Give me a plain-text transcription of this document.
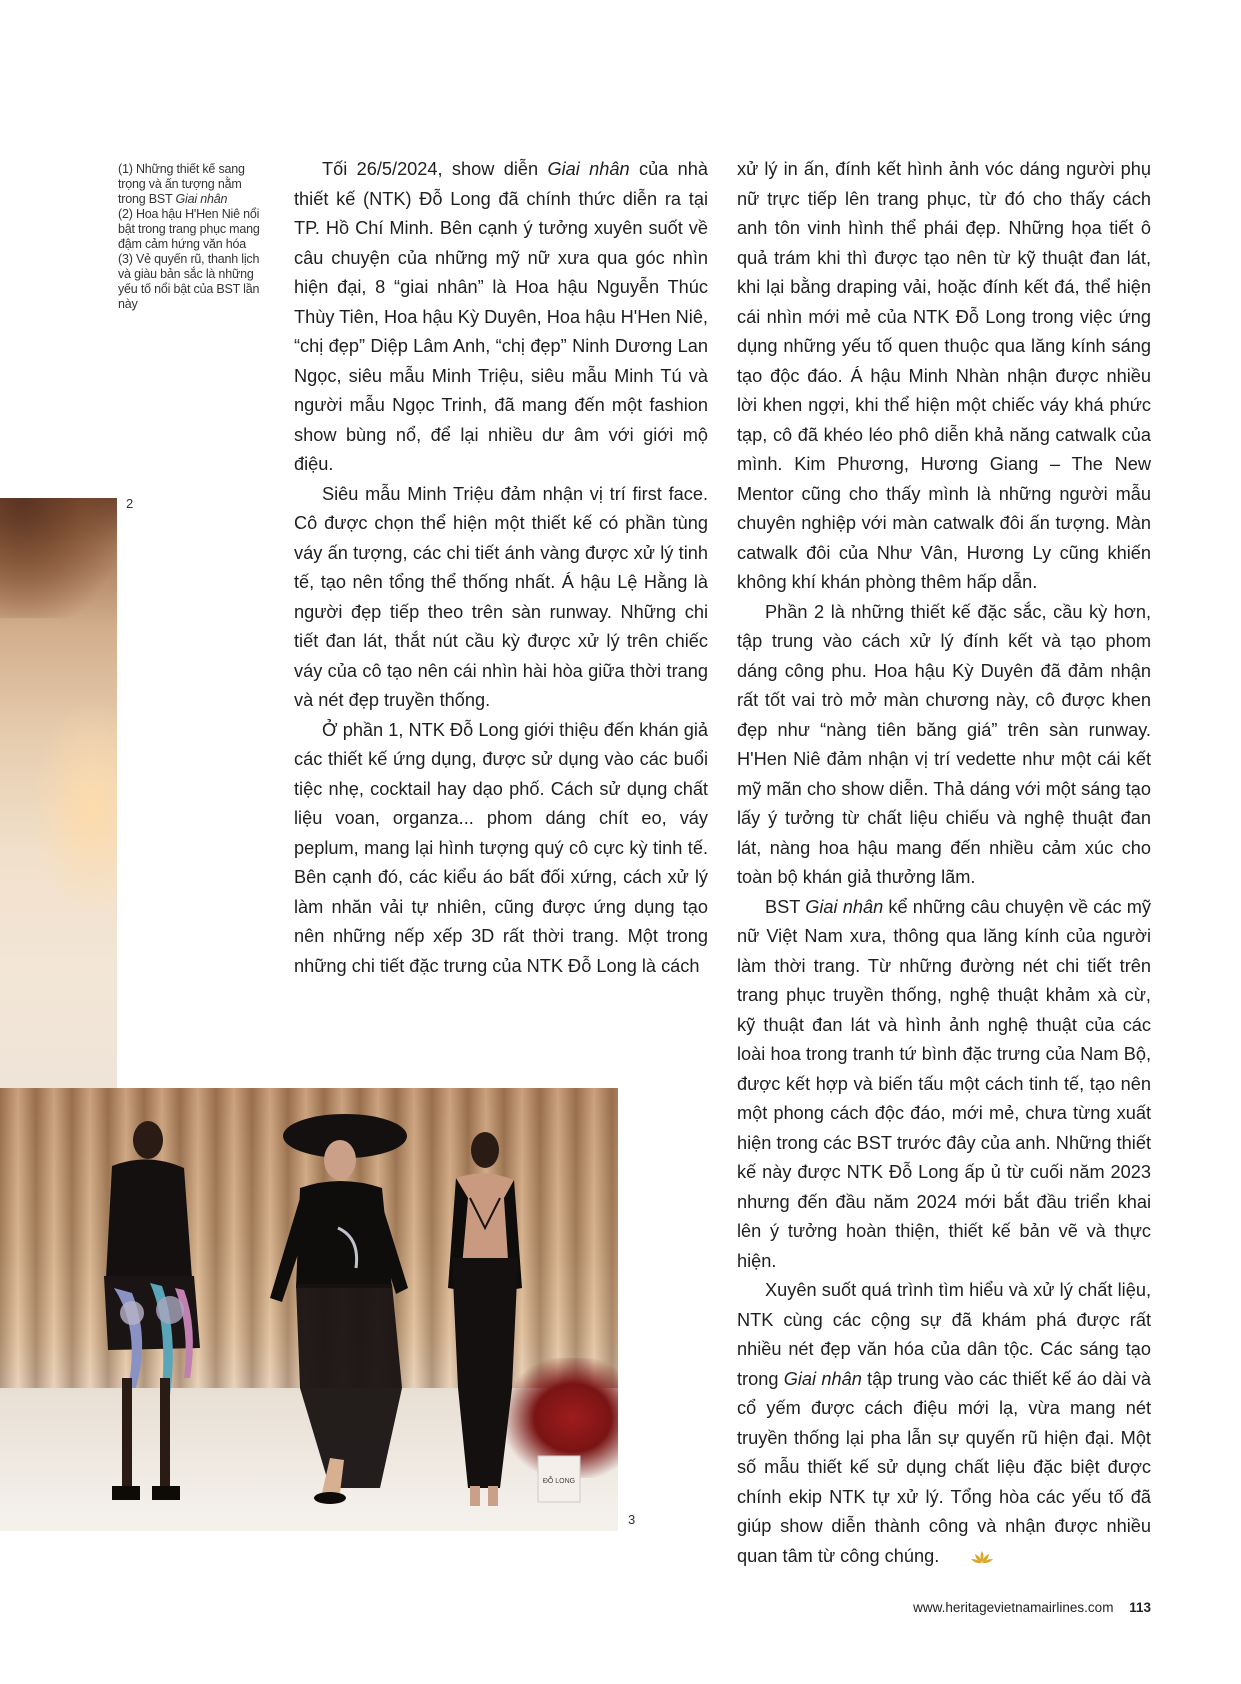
(1) Những thiết kế sang trọng và ấn tượng nằm trong BST Giai nhân

(2) Hoa hậu H'Hen Niê nổi bật trong trang phục mang đậm cảm hứng văn hóa

(3) Vẻ quyến rũ, thanh lịch và giàu bản sắc là những yếu tố nổi bật của BST lần này

2
ĐỖ LONG
3

Tối 26/5/2024, show diễn Giai nhân của nhà thiết kế (NTK) Đỗ Long đã chính thức diễn ra tại TP. Hồ Chí Minh. Bên cạnh ý tưởng xuyên suốt về câu chuyện của những mỹ nữ xưa qua góc nhìn hiện đại, 8 “giai nhân” là Hoa hậu Nguyễn Thúc Thùy Tiên, Hoa hậu Kỳ Duyên, Hoa hậu H'Hen Niê, “chị đẹp” Diệp Lâm Anh, “chị đẹp” Ninh Dương Lan Ngọc, siêu mẫu Minh Triệu, siêu mẫu Minh Tú và người mẫu Ngọc Trinh, đã mang đến một fashion show bùng nổ, để lại nhiều dư âm với giới mộ điệu.

Siêu mẫu Minh Triệu đảm nhận vị trí first face. Cô được chọn thể hiện một thiết kế có phần tùng váy ấn tượng, các chi tiết ánh vàng được xử lý tinh tế, tạo nên tổng thể thống nhất. Á hậu Lệ Hằng là người đẹp tiếp theo trên sàn runway. Những chi tiết đan lát, thắt nút cầu kỳ được xử lý trên chiếc váy của cô tạo nên cái nhìn hài hòa giữa thời trang và nét đẹp truyền thống.

Ở phần 1, NTK Đỗ Long giới thiệu đến khán giả các thiết kế ứng dụng, được sử dụng vào các buổi tiệc nhẹ, cocktail hay dạo phố. Cách sử dụng chất liệu voan, organza... phom dáng chít eo, váy peplum, mang lại hình tượng quý cô cực kỳ tinh tế. Bên cạnh đó, các kiểu áo bất đối xứng, cách xử lý làm nhăn vải tự nhiên, cũng được ứng dụng tạo nên những nếp xếp 3D rất thời trang. Một trong những chi tiết đặc trưng của NTK Đỗ Long là cách

xử lý in ấn, đính kết hình ảnh vóc dáng người phụ nữ trực tiếp lên trang phục, từ đó cho thấy cách anh tôn vinh hình thể phái đẹp. Những họa tiết ô quả trám khi thì được tạo nên từ kỹ thuật đan lát, khi lại bằng draping vải, hoặc đính kết đá, thể hiện cái nhìn mới mẻ của NTK Đỗ Long trong việc ứng dụng những yếu tố quen thuộc qua lăng kính sáng tạo độc đáo. Á hậu Minh Nhàn nhận được nhiều lời khen ngợi, khi thể hiện một chiếc váy khá phức tạp, cô đã khéo léo phô diễn khả năng catwalk của mình. Kim Phương, Hương Giang – The New Mentor cũng cho thấy mình là những người mẫu chuyên nghiệp với màn catwalk đôi ấn tượng. Màn catwalk đôi của Như Vân, Hương Ly cũng khiến không khí khán phòng thêm hấp dẫn.

Phần 2 là những thiết kế đặc sắc, cầu kỳ hơn, tập trung vào cách xử lý đính kết và tạo phom dáng công phu. Hoa hậu Kỳ Duyên đã đảm nhận rất tốt vai trò mở màn chương này, cô được khen đẹp như “nàng tiên băng giá” trên sàn runway. H'Hen Niê đảm nhận vị trí vedette như một cái kết mỹ mãn cho show diễn. Thả dáng với một sáng tạo lấy ý tưởng từ chất liệu chiếu và nghệ thuật đan lát, nàng hoa hậu mang đến nhiều cảm xúc cho toàn bộ khán giả thưởng lãm.

BST Giai nhân kể những câu chuyện về các mỹ nữ Việt Nam xưa, thông qua lăng kính của người làm thời trang. Từ những đường nét chi tiết trên trang phục truyền thống, nghệ thuật khảm xà cừ, kỹ thuật đan lát và hình ảnh nghệ thuật của các loài hoa trong tranh tứ bình đặc trưng của Nam Bộ, được kết hợp và biến tấu một cách tinh tế, tạo nên một phong cách độc đáo, mới mẻ, chưa từng xuất hiện trong các BST trước đây của anh. Những thiết kế này được NTK Đỗ Long ấp ủ từ cuối năm 2023 nhưng đến đầu năm 2024 mới bắt đầu triển khai lên ý tưởng hoàn thiện, thiết kế bản vẽ và thực hiện.

Xuyên suốt quá trình tìm hiểu và xử lý chất liệu, NTK cùng các cộng sự đã khám phá được rất nhiều nét đẹp văn hóa của dân tộc. Các sáng tạo trong Giai nhân tập trung vào các thiết kế áo dài và cổ yếm được cách điệu mới lạ, vừa mang nét truyền thống lại pha lẫn sự quyến rũ hiện đại. Một số mẫu thiết kế sử dụng chất liệu đặc biệt được chính ekip NTK tự xử lý. Tổng hòa các yếu tố đã giúp show diễn thành công và nhận được nhiều quan tâm từ công chúng.

www.heritagevietnamairlines.com 113
